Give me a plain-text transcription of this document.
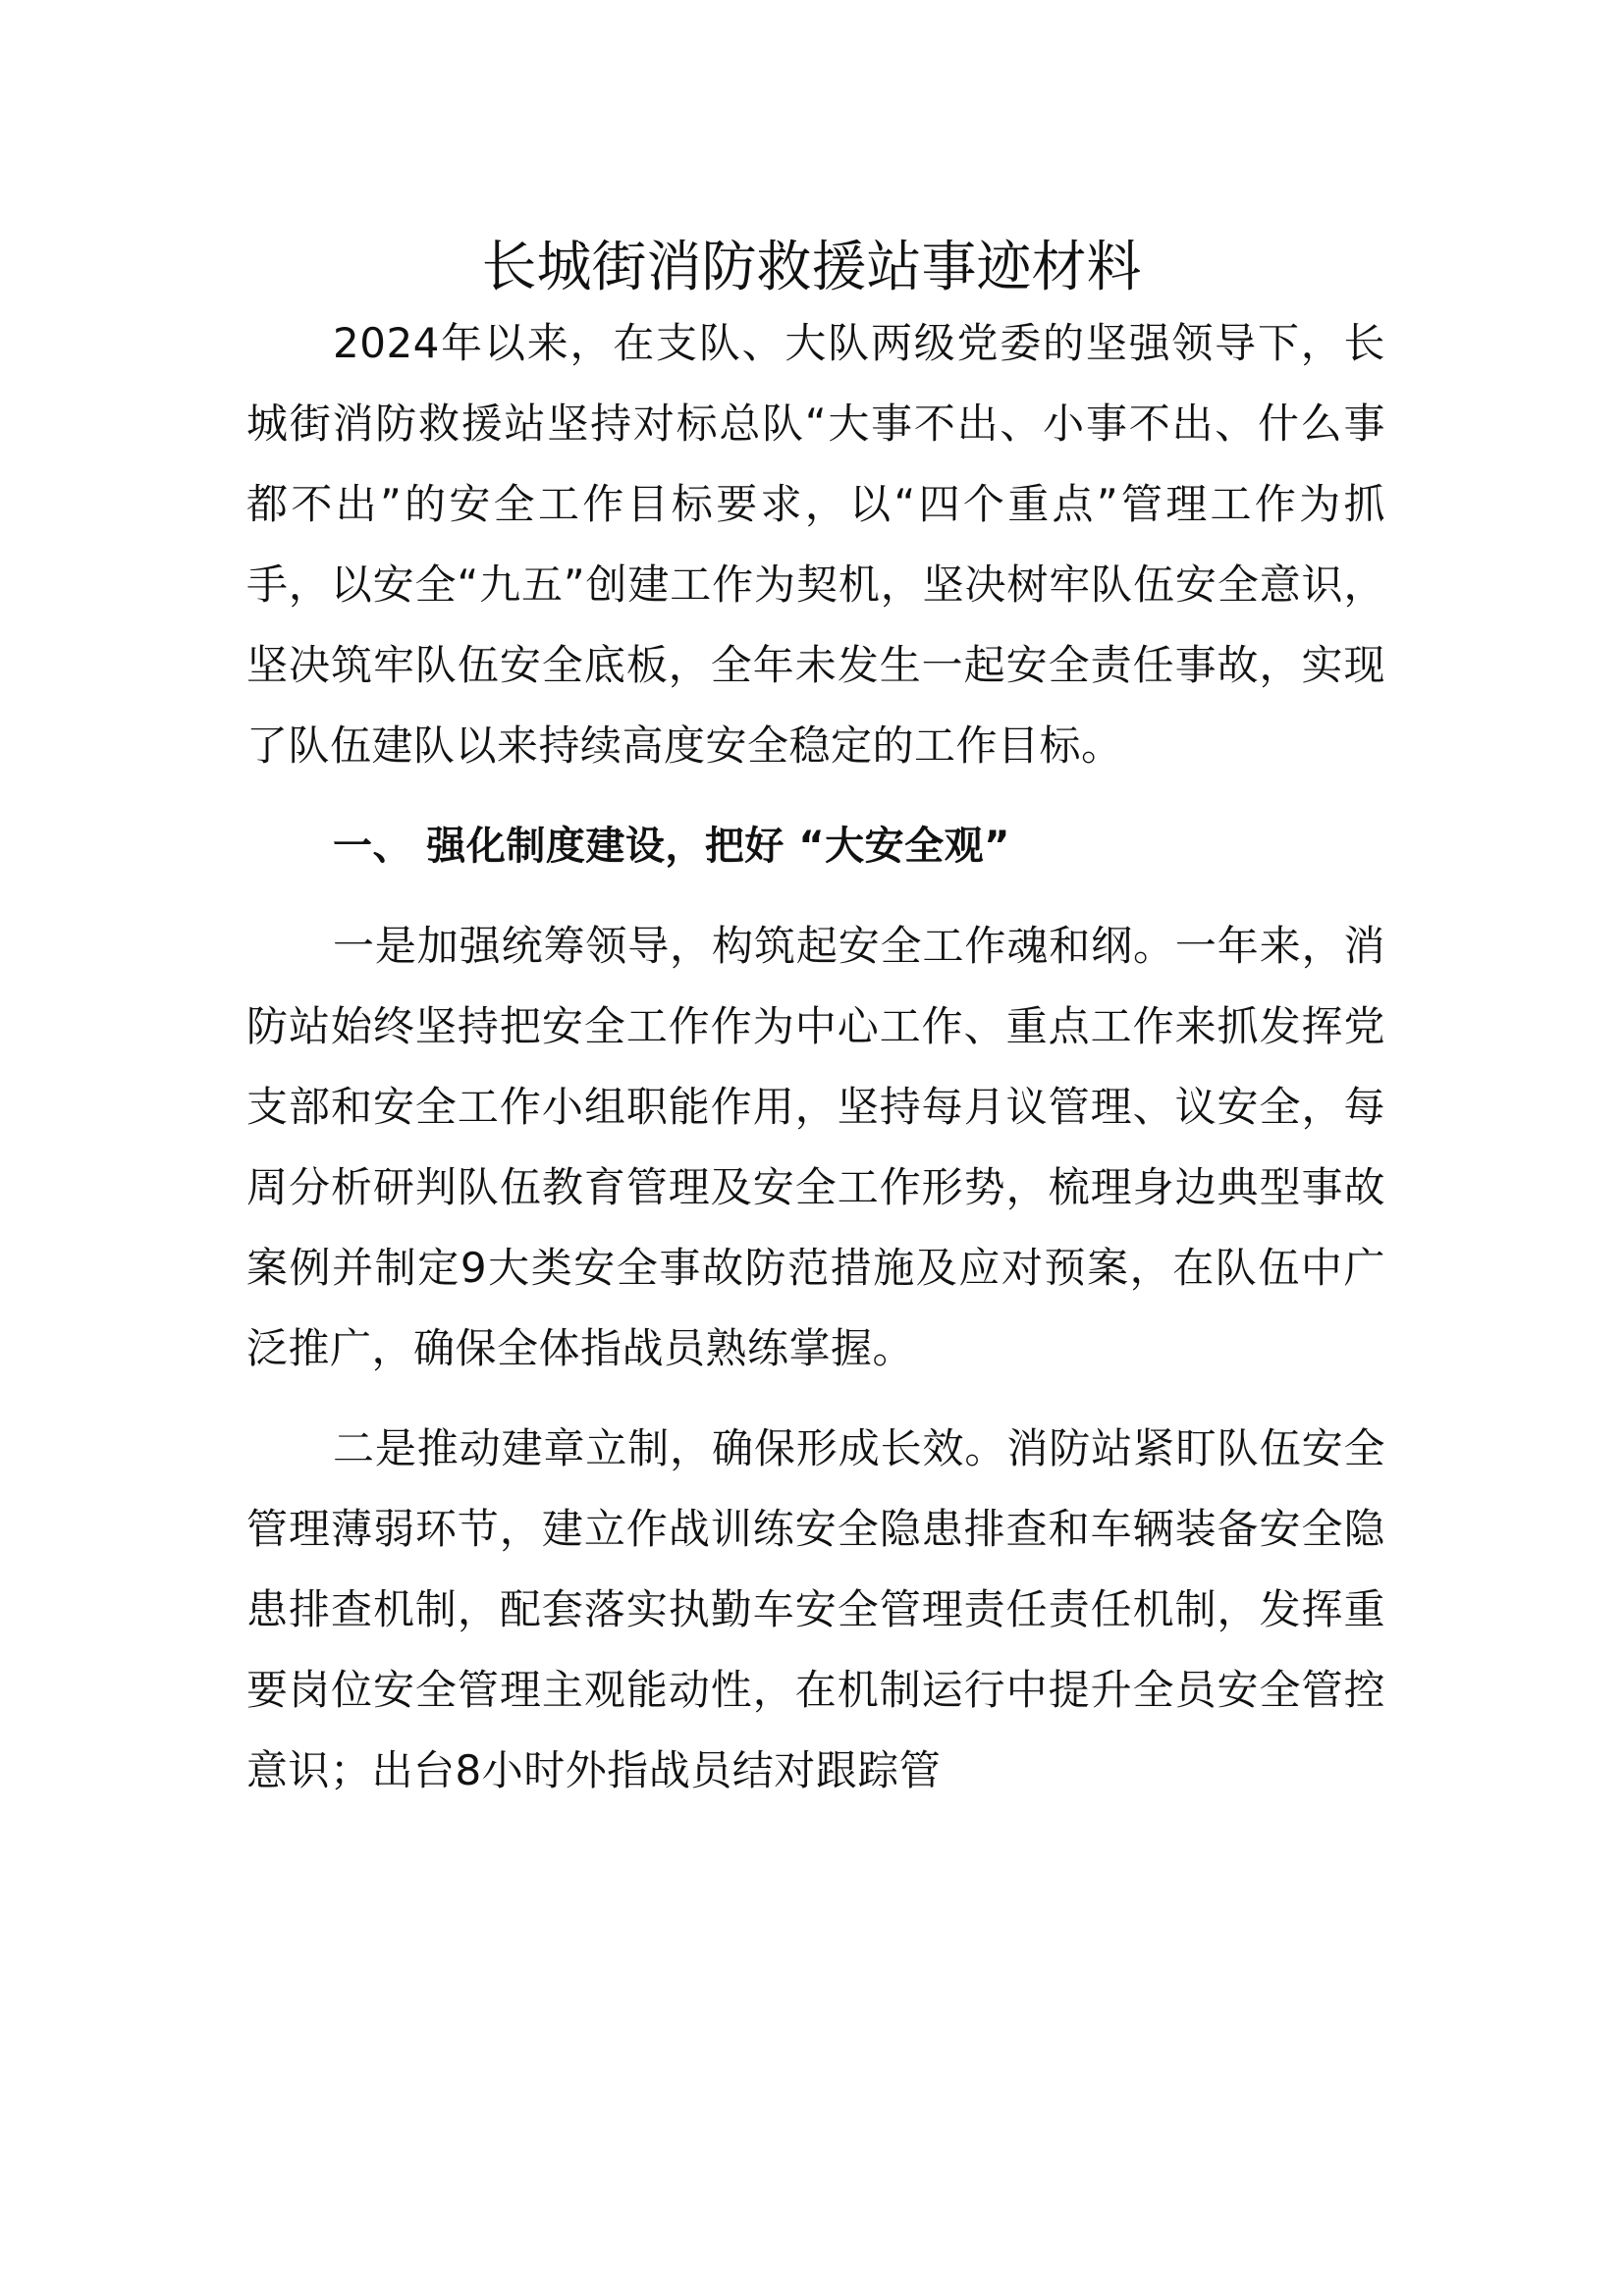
长城街消防救援站事迹材料

2024年以来，在支队、大队两级党委的坚强领导下，长城街消防救援站坚持对标总队“大事不出、小事不出、什么事都不出”的安全工作目标要求，以“四个重点”管理工作为抓手，以安全“九五”创建工作为契机，坚决树牢队伍安全意识，坚决筑牢队伍安全底板，全年未发生一起安全责任事故，实现了队伍建队以来持续高度安全稳定的工作目标。

一、 强化制度建设，把好 “大安全观”

一是加强统筹领导，构筑起安全工作魂和纲。一年来，消防站始终坚持把安全工作作为中心工作、重点工作来抓发挥党支部和安全工作小组职能作用，坚持每月议管理、议安全，每周分析研判队伍教育管理及安全工作形势，梳理身边典型事故案例并制定9大类安全事故防范措施及应对预案，在队伍中广泛推广，确保全体指战员熟练掌握。

二是推动建章立制，确保形成长效。消防站紧盯队伍安全管理薄弱环节，建立作战训练安全隐患排查和车辆装备安全隐患排查机制，配套落实执勤车安全管理责任责任机制，发挥重要岗位安全管理主观能动性，在机制运行中提升全员安全管控意识；出台8小时外指战员结对跟踪管
